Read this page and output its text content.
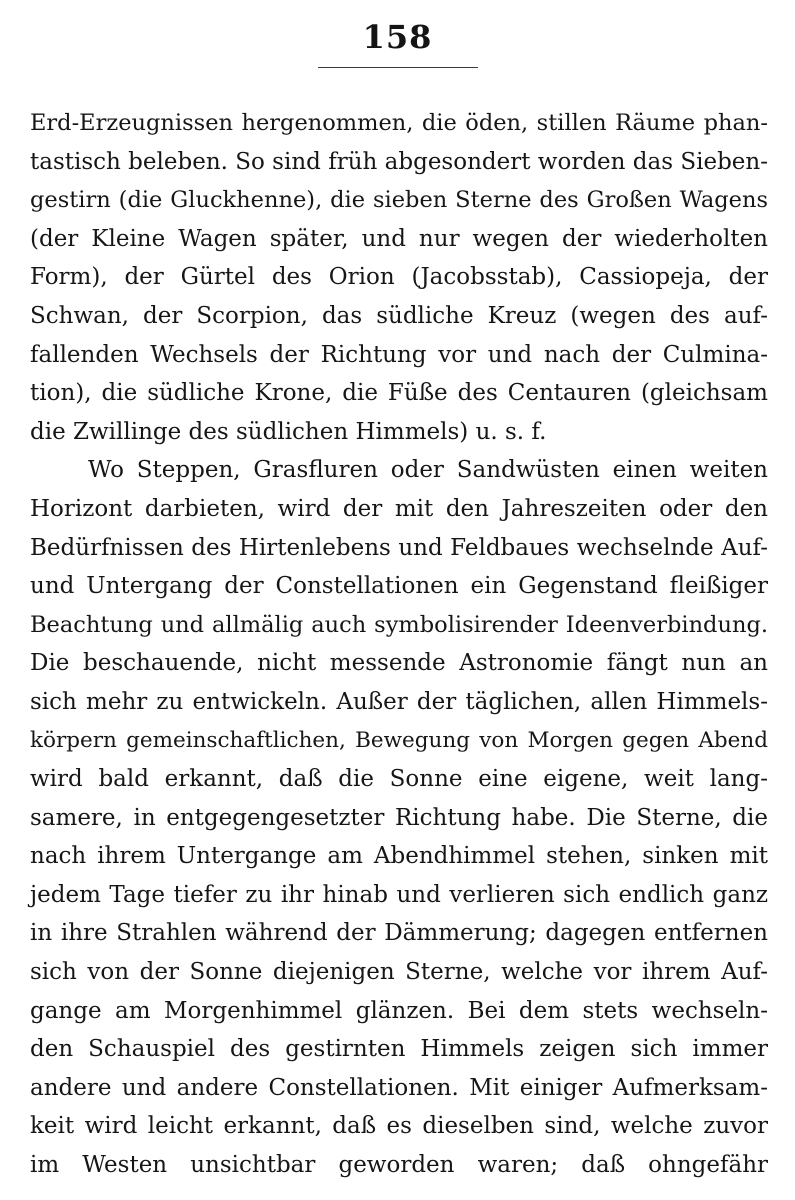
158
Erd-Erzeugnissen hergenommen, die öden, stillen Räume phan-
tastisch beleben. So sind früh abgesondert worden das Sieben-
gestirn (die Gluckhenne), die sieben Sterne des Großen Wagens
(der Kleine Wagen später, und nur wegen der wiederholten
Form), der Gürtel des Orion (Jacobsstab), Cassiopeja, der
Schwan, der Scorpion, das südliche Kreuz (wegen des auf-
fallenden Wechsels der Richtung vor und nach der Culmina-
tion), die südliche Krone, die Füße des Centauren (gleichsam
die Zwillinge des südlichen Himmels) u. s. f.
Wo Steppen, Grasfluren oder Sandwüsten einen weiten
Horizont darbieten, wird der mit den Jahreszeiten oder den
Bedürfnissen des Hirtenlebens und Feldbaues wechselnde Auf-
und Untergang der Constellationen ein Gegenstand fleißiger
Beachtung und allmälig auch symbolisirender Ideenverbindung.
Die beschauende, nicht messende Astronomie fängt nun an
sich mehr zu entwickeln. Außer der täglichen, allen Himmels-
körpern gemeinschaftlichen, Bewegung von Morgen gegen Abend
wird bald erkannt, daß die Sonne eine eigene, weit lang-
samere, in entgegengesetzter Richtung habe. Die Sterne, die
nach ihrem Untergange am Abendhimmel stehen, sinken mit
jedem Tage tiefer zu ihr hinab und verlieren sich endlich ganz
in ihre Strahlen während der Dämmerung; dagegen entfernen
sich von der Sonne diejenigen Sterne, welche vor ihrem Auf-
gange am Morgenhimmel glänzen. Bei dem stets wechseln-
den Schauspiel des gestirnten Himmels zeigen sich immer
andere und andere Constellationen. Mit einiger Aufmerksam-
keit wird leicht erkannt, daß es dieselben sind, welche zuvor
im Westen unsichtbar geworden waren; daß ohngefähr
